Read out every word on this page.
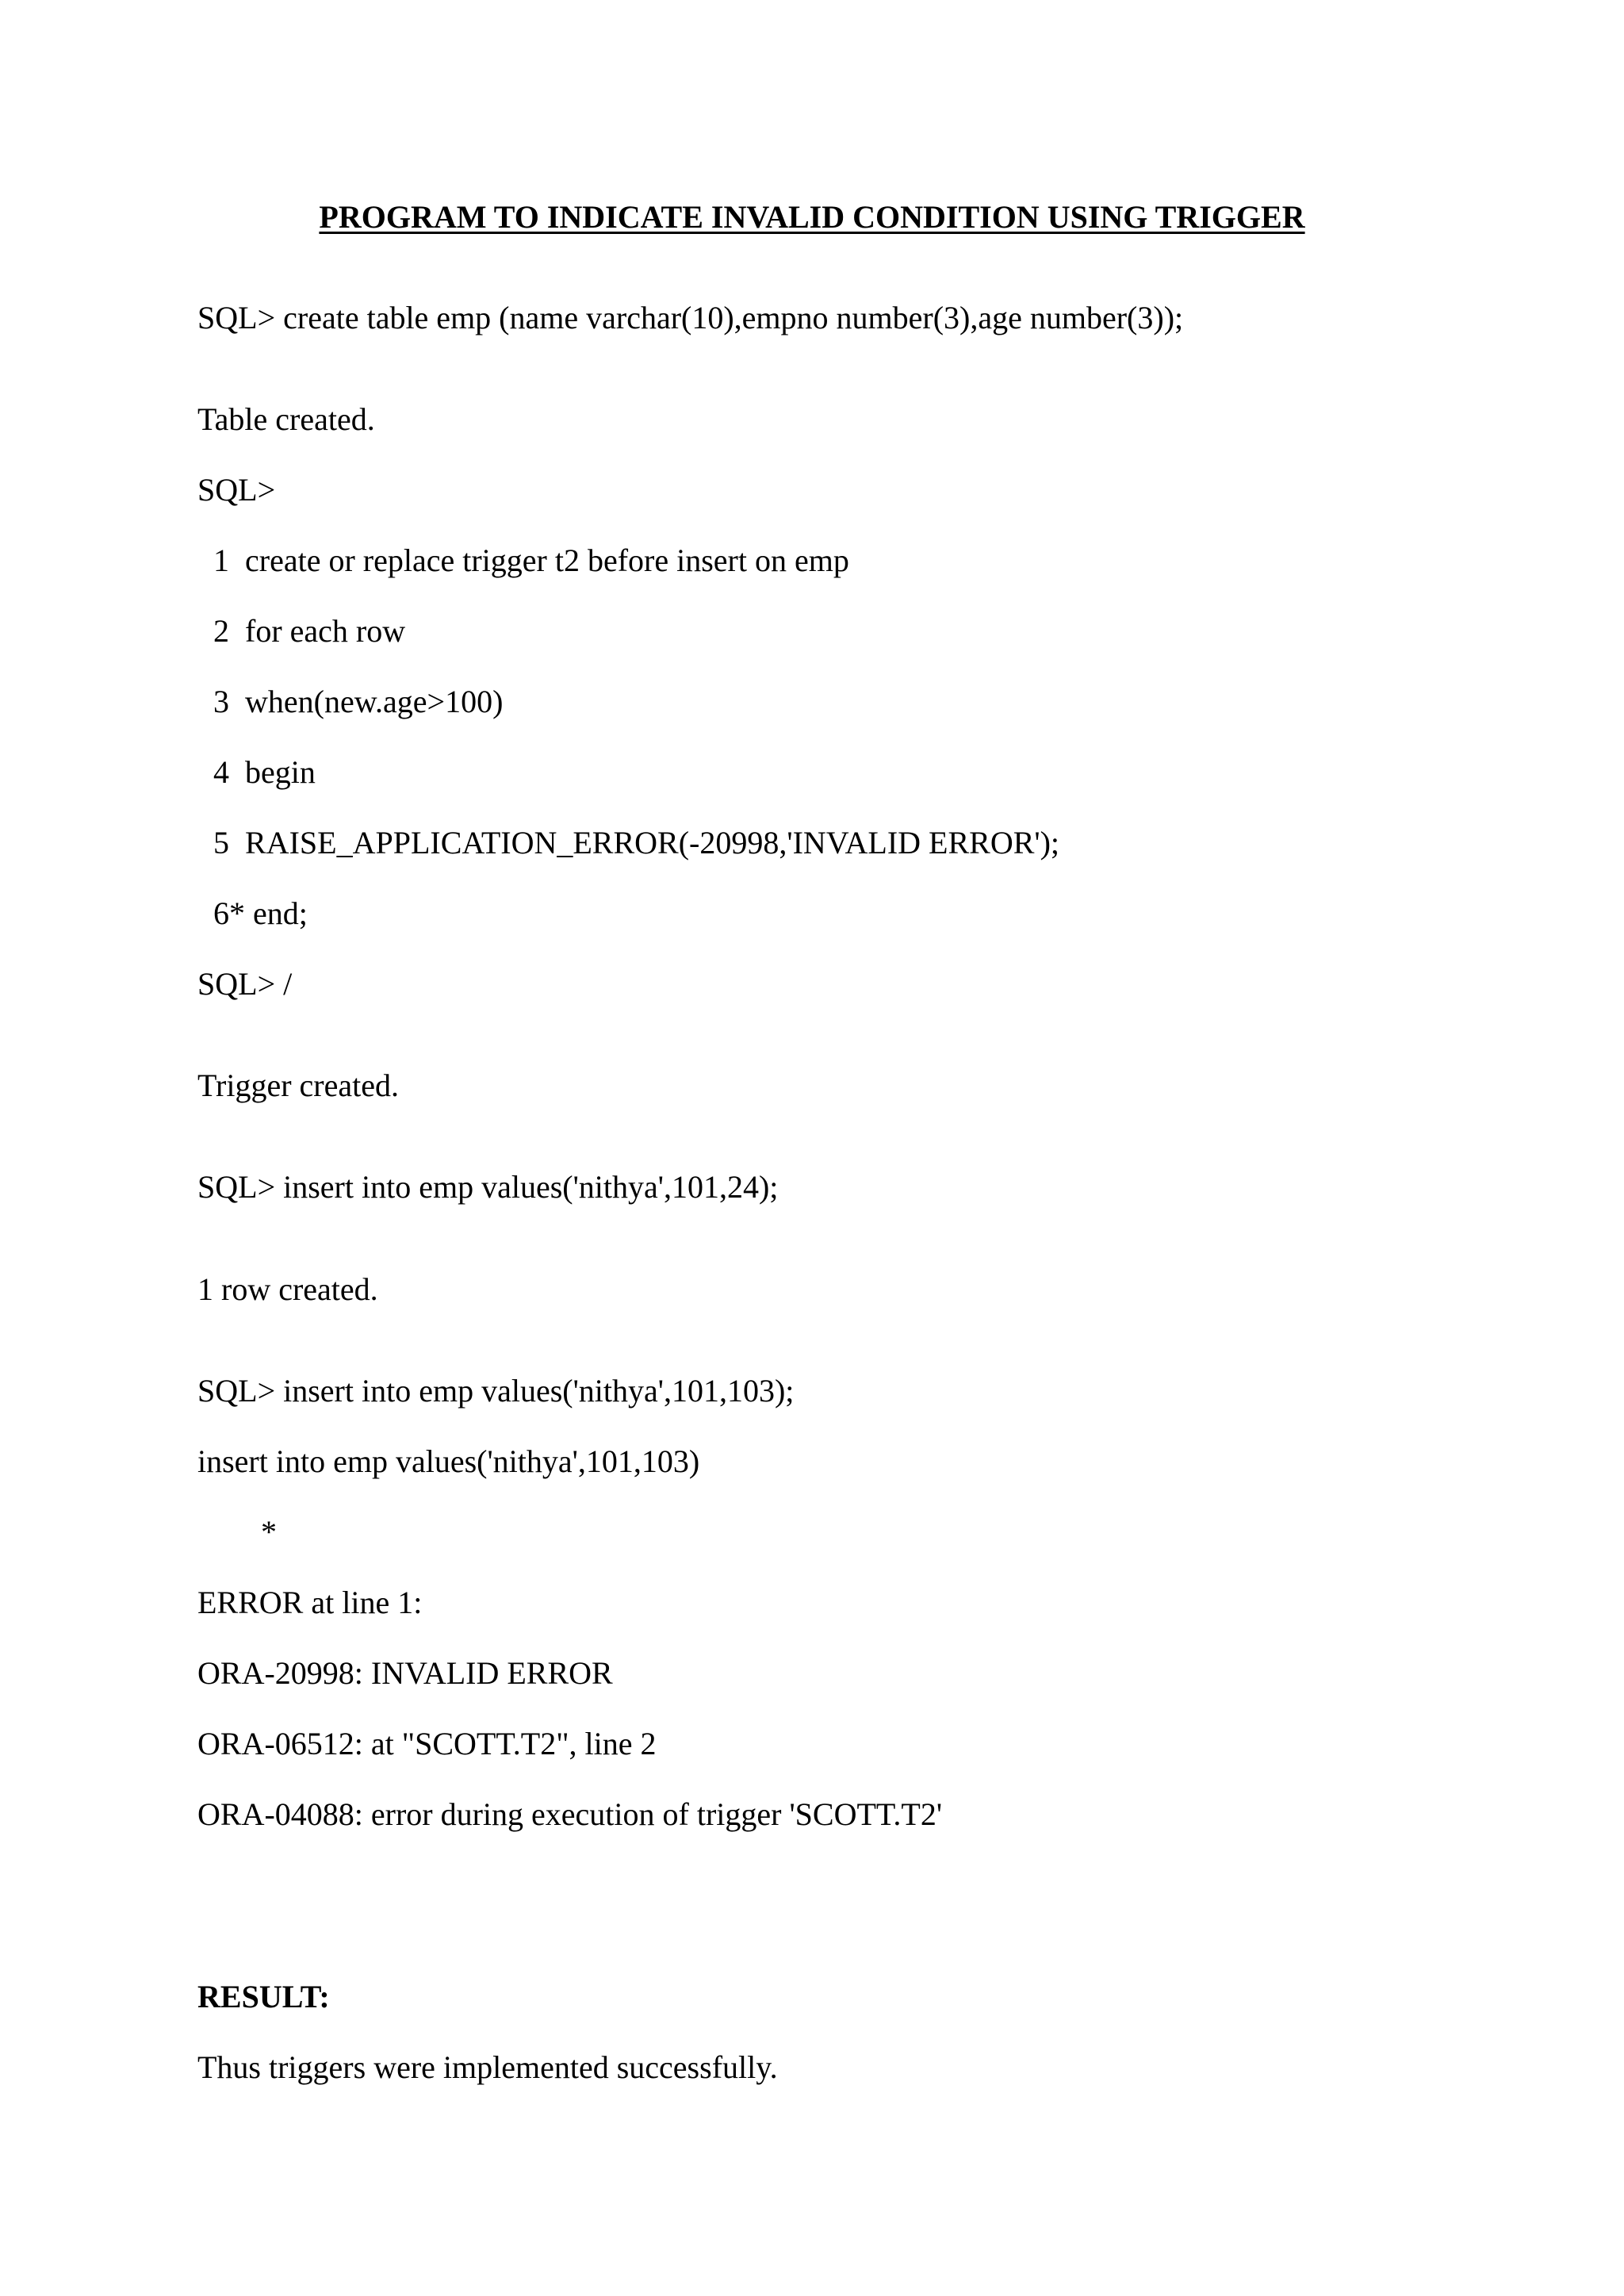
PROGRAM TO INDICATE INVALID CONDITION USING TRIGGER
SQL> create table emp (name varchar(10),empno number(3),age number(3));
Table created.
SQL>
1  create or replace trigger t2 before insert on emp
2  for each row
3  when(new.age>100)
4  begin
5  RAISE_APPLICATION_ERROR(-20998,'INVALID ERROR');
6* end;
SQL> /
Trigger created.
SQL> insert into emp values('nithya',101,24);
1 row created.
SQL> insert into emp values('nithya',101,103);
insert into emp values('nithya',101,103)
*
ERROR at line 1:
ORA-20998: INVALID ERROR
ORA-06512: at "SCOTT.T2", line 2
ORA-04088: error during execution of trigger 'SCOTT.T2'
RESULT:
Thus triggers were implemented successfully.
